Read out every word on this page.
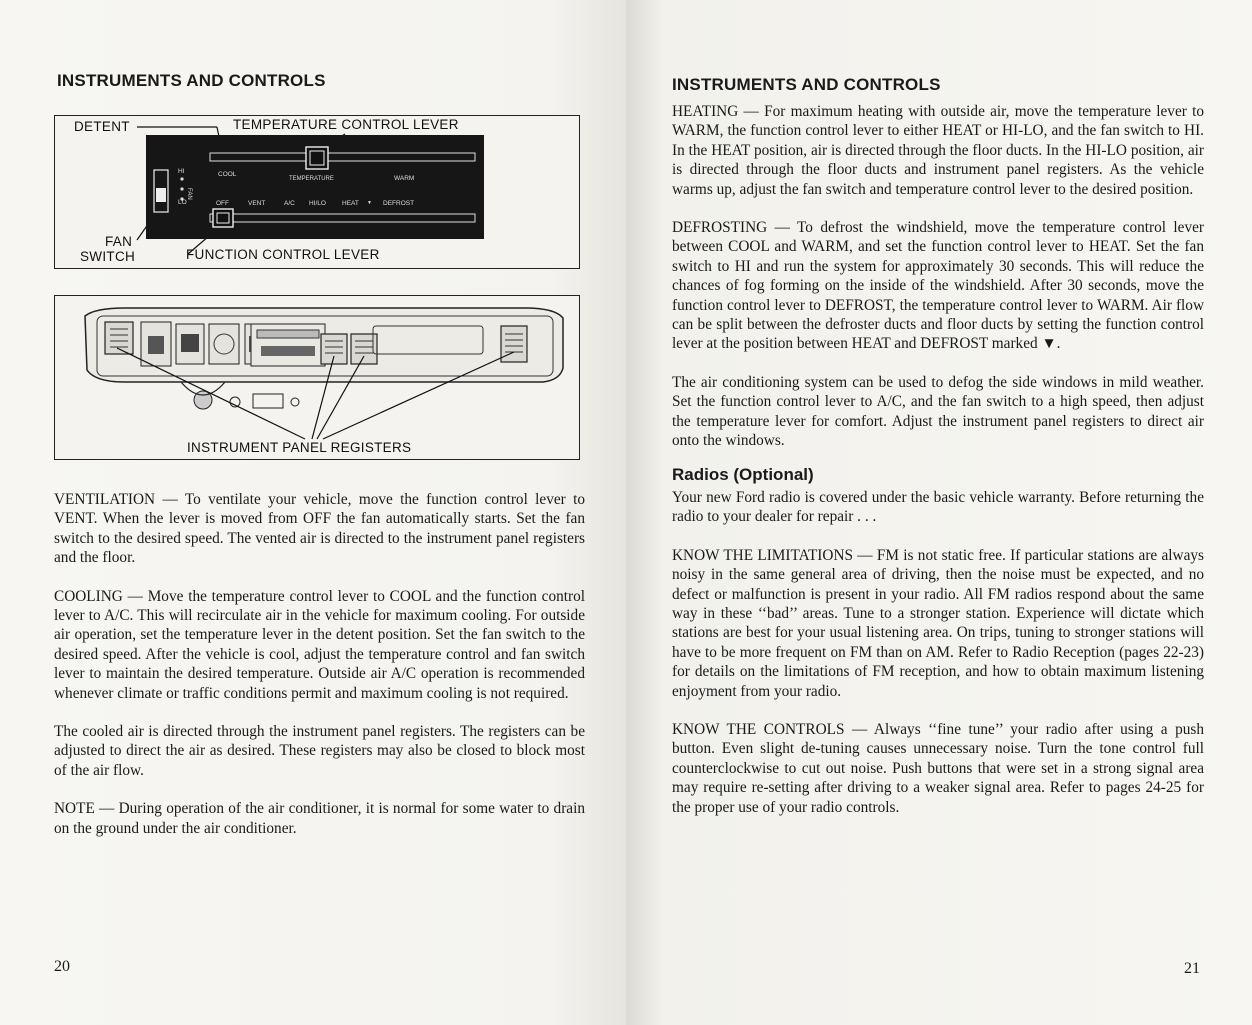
INSTRUMENTS AND CONTROLS
DETENT	TEMPERATURE CONTROL LEVER
FAN
SWITCH	FUNCTION CONTROL LEVER
HI
LO
FAN
COOL
TEMPERATURE	WARM
OFF	VENT	A/C HI/LO HEAT ▼ DEFROST
INSTRUMENT PANEL REGISTERS

VENTILATION — To ventilate your vehicle, move the function control lever to VENT. When the lever is moved from OFF the fan automatically starts. Set the fan switch to the desired speed. The vented air is directed to the instrument panel registers and the floor.

COOLING — Move the temperature control lever to COOL and the function control lever to A/C. This will recirculate air in the vehicle for maximum cooling. For outside air operation, set the temperature lever in the detent position. Set the fan switch to the desired speed. After the vehicle is cool, adjust the temperature control and fan switch lever to maintain the desired temperature. Outside air A/C operation is recommended whenever climate or traffic conditions permit and maximum cooling is not required.

The cooled air is directed through the instrument panel registers. The registers can be adjusted to direct the air as desired. These registers may also be closed to block most of the air flow.

NOTE — During operation of the air conditioner, it is normal for some water to drain on the ground under the air conditioner.

20
INSTRUMENTS AND CONTROLS

HEATING — For maximum heating with outside air, move the temperature lever to WARM, the function control lever to either HEAT or HI-LO, and the fan switch to HI. In the HEAT position, air is directed through the floor ducts. In the HI-LO position, air is directed through the floor ducts and instrument panel registers. As the vehicle warms up, adjust the fan switch and temperature control lever to the desired position.

DEFROSTING — To defrost the windshield, move the temperature control lever between COOL and WARM, and set the function control lever to HEAT. Set the fan switch to HI and run the system for approximately 30 seconds. This will reduce the chances of fog forming on the inside of the windshield. After 30 seconds, move the function control lever to DEFROST, the temperature control lever to WARM. Air flow can be split between the defroster ducts and floor ducts by setting the function control lever at the position between HEAT and DEFROST marked ▼.

The air conditioning system can be used to defog the side windows in mild weather. Set the function control lever to A/C, and the fan switch to a high speed, then adjust the temperature lever for comfort. Adjust the instrument panel registers to direct air onto the windows.

Radios (Optional)

Your new Ford radio is covered under the basic vehicle warranty. Before returning the radio to your dealer for repair . . .

KNOW THE LIMITATIONS — FM is not static free. If particular stations are always noisy in the same general area of driving, then the noise must be expected, and no defect or malfunction is present in your radio. All FM radios respond about the same way in these ‘‘bad’’ areas. Tune to a stronger station. Experience will dictate which stations are best for your usual listening area. On trips, tuning to stronger stations will have to be more frequent on FM than on AM. Refer to Radio Reception (pages 22-23) for details on the limitations of FM reception, and how to obtain maximum listening enjoyment from your radio.

KNOW THE CONTROLS — Always ‘‘fine tune’’ your radio after using a push button. Even slight de-tuning causes unnecessary noise. Turn the tone control full counterclockwise to cut out noise. Push buttons that were set in a strong signal area may require re-setting after driving to a weaker signal area. Refer to pages 24-25 for the proper use of your radio controls.

21
